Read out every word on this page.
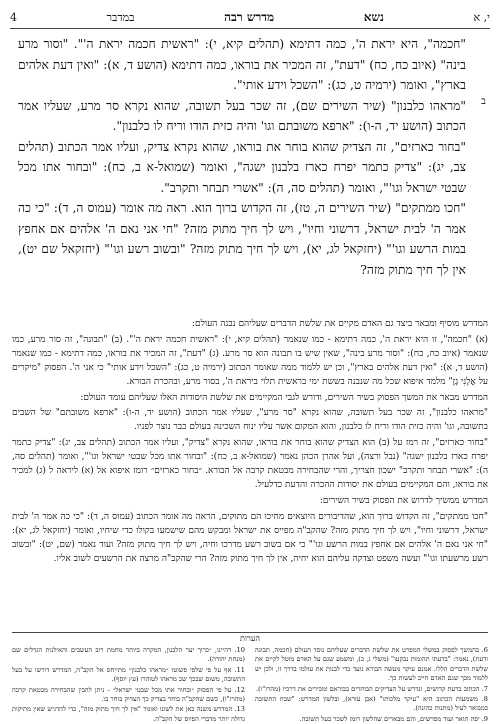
4	במדבר	מדרש רבה	נשא	י, א
ב

"חכמה", היא יראת ה', כמה דתימא (תהלים קיא, י): "ראשית חכמה יראת ה'". "וסור מרע בינה" (איוב כח, כח) "דעת", זה המכיר את בוראו, כמה דתימא (הושע ד, א): "ואין דעת אלהים בארץ", ואומר (ירמיה ט, כג): "השכל וידע אותי".

"מראהו כלבנון" (שיר השירים שם), זה שכר בעל תשובה, שהוא נקרא סר מרע, שעליו אמר הכתוב (הושע יד, ה-ו): "ארפא משובתם וגו' והיה כזית הודו וריח לו כלבנון".

"בחור כארזים", זה הצדיק שהוא בוחר את בוראו, שהוא נקרא צדיק, ועליו אמר הכתוב (תהלים צב, יג): "צדיק כתמר יפרח כארז בלבנון ישגה", ואומר (שמואל-א ב, כח): "ובחור אתו מכל שבטי ישראל וגו'", ואומר (תהלים סה, ה): "אשרי תבחר ותקרב".

"חכו ממתקים" (שיר השירים ה, טז), זה הקדוש ברוך הוא. ראה מה אומר (עמוס ה, ד): "כי כה אמר ה' לבית ישראל, דרשוני וחיו", ויש לך חיך מתוק מזה? "חי אני נאם ה' אלהים אם אחפץ במות הרשע וגו'" (יחזקאל לג, יא), ויש לך חיך מתוק מזה? "ובשוב רשע וגו'" (יחזקאל שם יט), אין לך חיך מתוק מזה?

המדרש מוסיף ומבאר ביצד גם האדם מקיים את שלשת הדברים שעליהם נבנה העולם:

(א) "חכמה", זו היא יראת ה', כמה דתימא - כמו שנאמר (תהלים קיא, י): "ראשית חכמה יראת ה'". (ב) "תבונה", זה סור מרע, כמו שנאמר (איוב כח, כח): "וסור מרע בינה", שאין שיש בו תבונה הוא סר מרע. (ג) "דעת", זה המכיר את בוראו, כמה דתימא - כמו שנאמר (הושע ד, א): "ואין דעת אלהים בארץ", וכן יש ללמוד ממה שאומר הכתוב (ירמיה ט, כג): "השכל וידע אותי" כי אני ה'. הפסוק "מיקרים על אֳלָנִי גָזֶ" מלמד איפוא שכל מה שנבנה בששת ימי בראשית תלוי ביראת ה', בסור מרע, ובהכרת הבורא.

המדרש מבאר את המשך הפסוק בשיר השירים, ודורש לגבי המקיימים את שלשת היסודות האלו שעליהם עומד העולם:

"מראהו כלבנון", זה שכר בעל תשובה, שהוא נקרא "סר מרע", שעליו אמר הכתוב (הושע יד, ה-ו): "ארפא משובתם" של השבים בתשובה, וגו' והיה כזית הודו וריח לו כלבנון, והוא המקום אשר עליו ינוח השכינה בעולם כבר נוצר לפניו.

"בחור כארזים", זה רמז על (ב) הוא הצדיק שהוא בוחר את בוראו, שהוא נקרא "צדיק", ועליו אמר הכתוב (תהלים צב, יג): "צדיק כתמר יפרח כארז בלבנון ישגה" (נבל ורצה), ועל אהרן הכהן נאמר (שמואל-א ב, כח): "ובחור אתו מכל שבטי ישראל וגו'", ואומר (תהלים סה, ה): "אשרי תבחר ותקרב" ישכון חצריך, והרי שהבחירה מבטאת קרבה אל הבורא. ״בחור כארזים״ רומז איפוא אל (א) ליראה ל (ג) למכיר את בוראו, והם המקיימים בעולם את יסודות ההכרה והדעת כדלעיל.

המדרש ממשיך לדרוש את הפסוק בשיר השירים:

"חכו ממתקים", זה הקדוש ברוך הוא, שהדיבורים היוצאים מחיכו הם מתוקים, הראה מה אומר הכתוב (עמוס ה, ד): "כי כה אמר ה' לבית ישראל, דרשוני וחיו", ויש לך חיך מתוק מזה? שהקב"ה מפייס את ישראל ומבקש מהם שישמעו בקולו כדי שיחיו, ואומר (יחזקאל לג, יא): "חי אני נאם ה' אלהים אם אחפץ במות הרשע וגו'" כי אם בשוב רשע מדרכו וחיה, ויש לך חיך מתוק מזה? ועוד נאמר (שם, יט): "ובשוב רשע מרשעתו וגו'" ועשה משפט וצדקה עליהם הוא יחיה, אין לך חיך מתוק מזה? הרי שהקב"ה מרצה את הרשעים לשוב אליו.

הערות

6. בהמשך לפסוק במשלי המפרט את שלשת הדברים שעליהם נוסד העולם (חכמה, תבונה ודעת), נאמר: "בדעתו תהומות נבקעו" (משלי ג, כ), ומשמע שגם על האדם מוטל לקיים את שלשת הדברים הללו. אמנם עיקר מעשה הבורא נועד כדי לבנות את עולמו בדרך זו, ולכן יש ללמוד מכך שגם האדם חייב לעשות כך.

7. הכתוב בדעת קדושים, ונדרש על הצדיקים הבוחרים בבוראם ומכירים את דרכיו (מהרז"ו).

8. משמעות הכתוב היא "עיקר מלכותו" (אבן עזרא), ובלשון המדרש: "שבח התשובה כמבואר לעיל (מתנות כהונה).

9. יפה תואר ועוד מפרשים, והם מבארים שהלשון רומז לשכר בעל תשובה.

10. דהיינו, ״כרוך יער הלבנון, המקרה ביותר מחמת רוב העשבים והאילנות הגדלים שם (מנחת יהודה).

11. אף על פי שלפי פשוטו ״מראהו כלבנון״ מתייחס אל הקב"ה, המדרש דורשו על בעל התשובה, משום שבכך שב מראהו לטוהרו (עץ יוסף).

12. על פי הפסוק ״ובחור אתו מכל שבטי ישראל״ - ניתן להבין שהבחירה מבטאת קרבה (מהרז"ו), כשם שהקב"ה בוחר בצדיק כך הצדיק בוחר בו.

13. המדרש משנה כאן את לשונו ואומר "אין לך חיך מתוק מזה", כדי להדגיש שאין מתיקות גדולה יותר מדברי הפיוס של הקב"ה.
